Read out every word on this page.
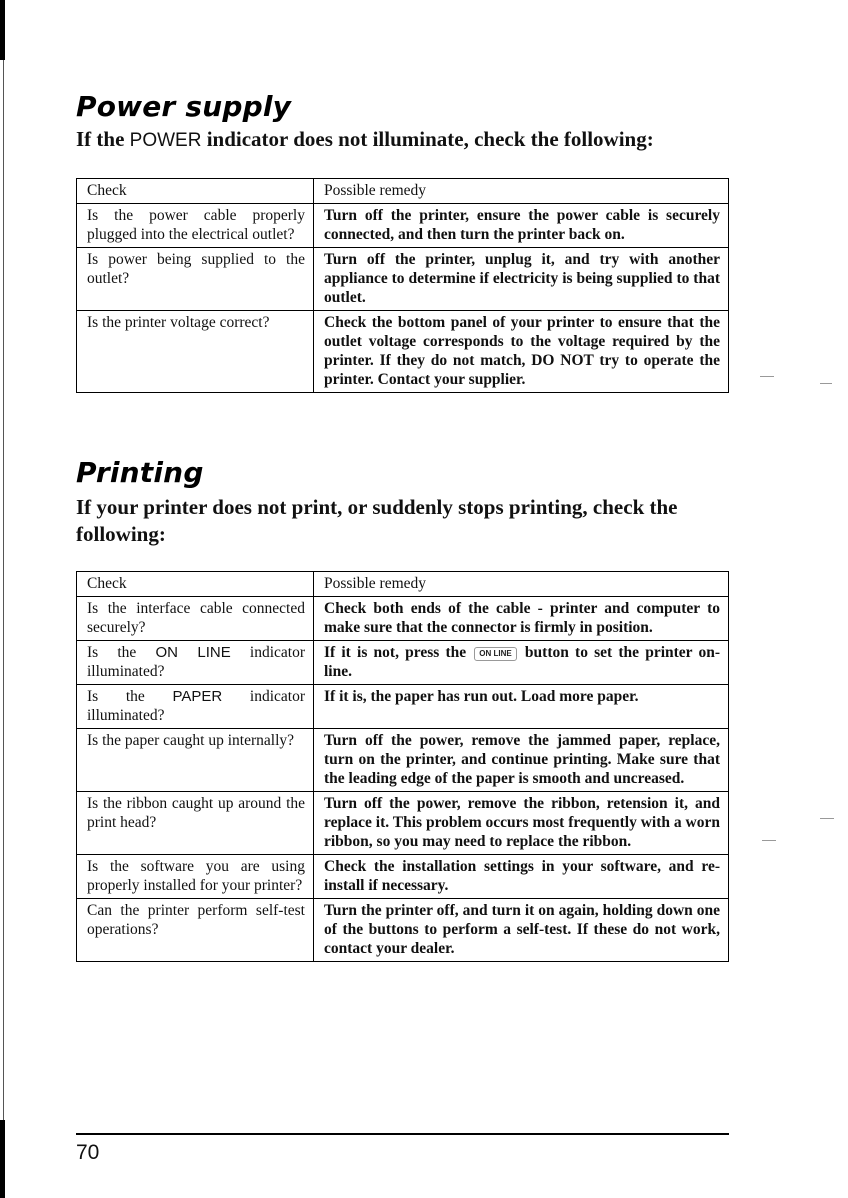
Power supply
If the POWER indicator does not illuminate, check the following:
Check	Possible remedy
Is the power cable properly plugged into the electrical outlet?	Turn off the printer, ensure the power cable is securely connected, and then turn the printer back on.
Is power being supplied to the outlet?	Turn off the printer, unplug it, and try with another appliance to determine if electricity is being supplied to that outlet.
Is the printer voltage correct?	Check the bottom panel of your printer to ensure that the outlet voltage corresponds to the voltage required by the printer. If they do not match, DO NOT try to operate the printer. Contact your supplier.
Printing
If your printer does not print, or suddenly stops printing, check the following:
Check	Possible remedy
Is the interface cable connected securely?	Check both ends of the cable - printer and computer to make sure that the connector is firmly in position.
Is the ON LINE indicator illuminated?	If it is not, press the ON LINE button to set the printer on-line.
Is the PAPER indicator illuminated?	If it is, the paper has run out. Load more paper.
Is the paper caught up internally?	Turn off the power, remove the jammed paper, replace, turn on the printer, and continue printing. Make sure that the leading edge of the paper is smooth and uncreased.
Is the ribbon caught up around the print head?	Turn off the power, remove the ribbon, retension it, and replace it. This problem occurs most frequently with a worn ribbon, so you may need to replace the ribbon.
Is the software you are using properly installed for your printer?	Check the installation settings in your software, and re-install if necessary.
Can the printer perform self-test operations?	Turn the printer off, and turn it on again, holding down one of the buttons to perform a self-test. If these do not work, contact your dealer.
70
